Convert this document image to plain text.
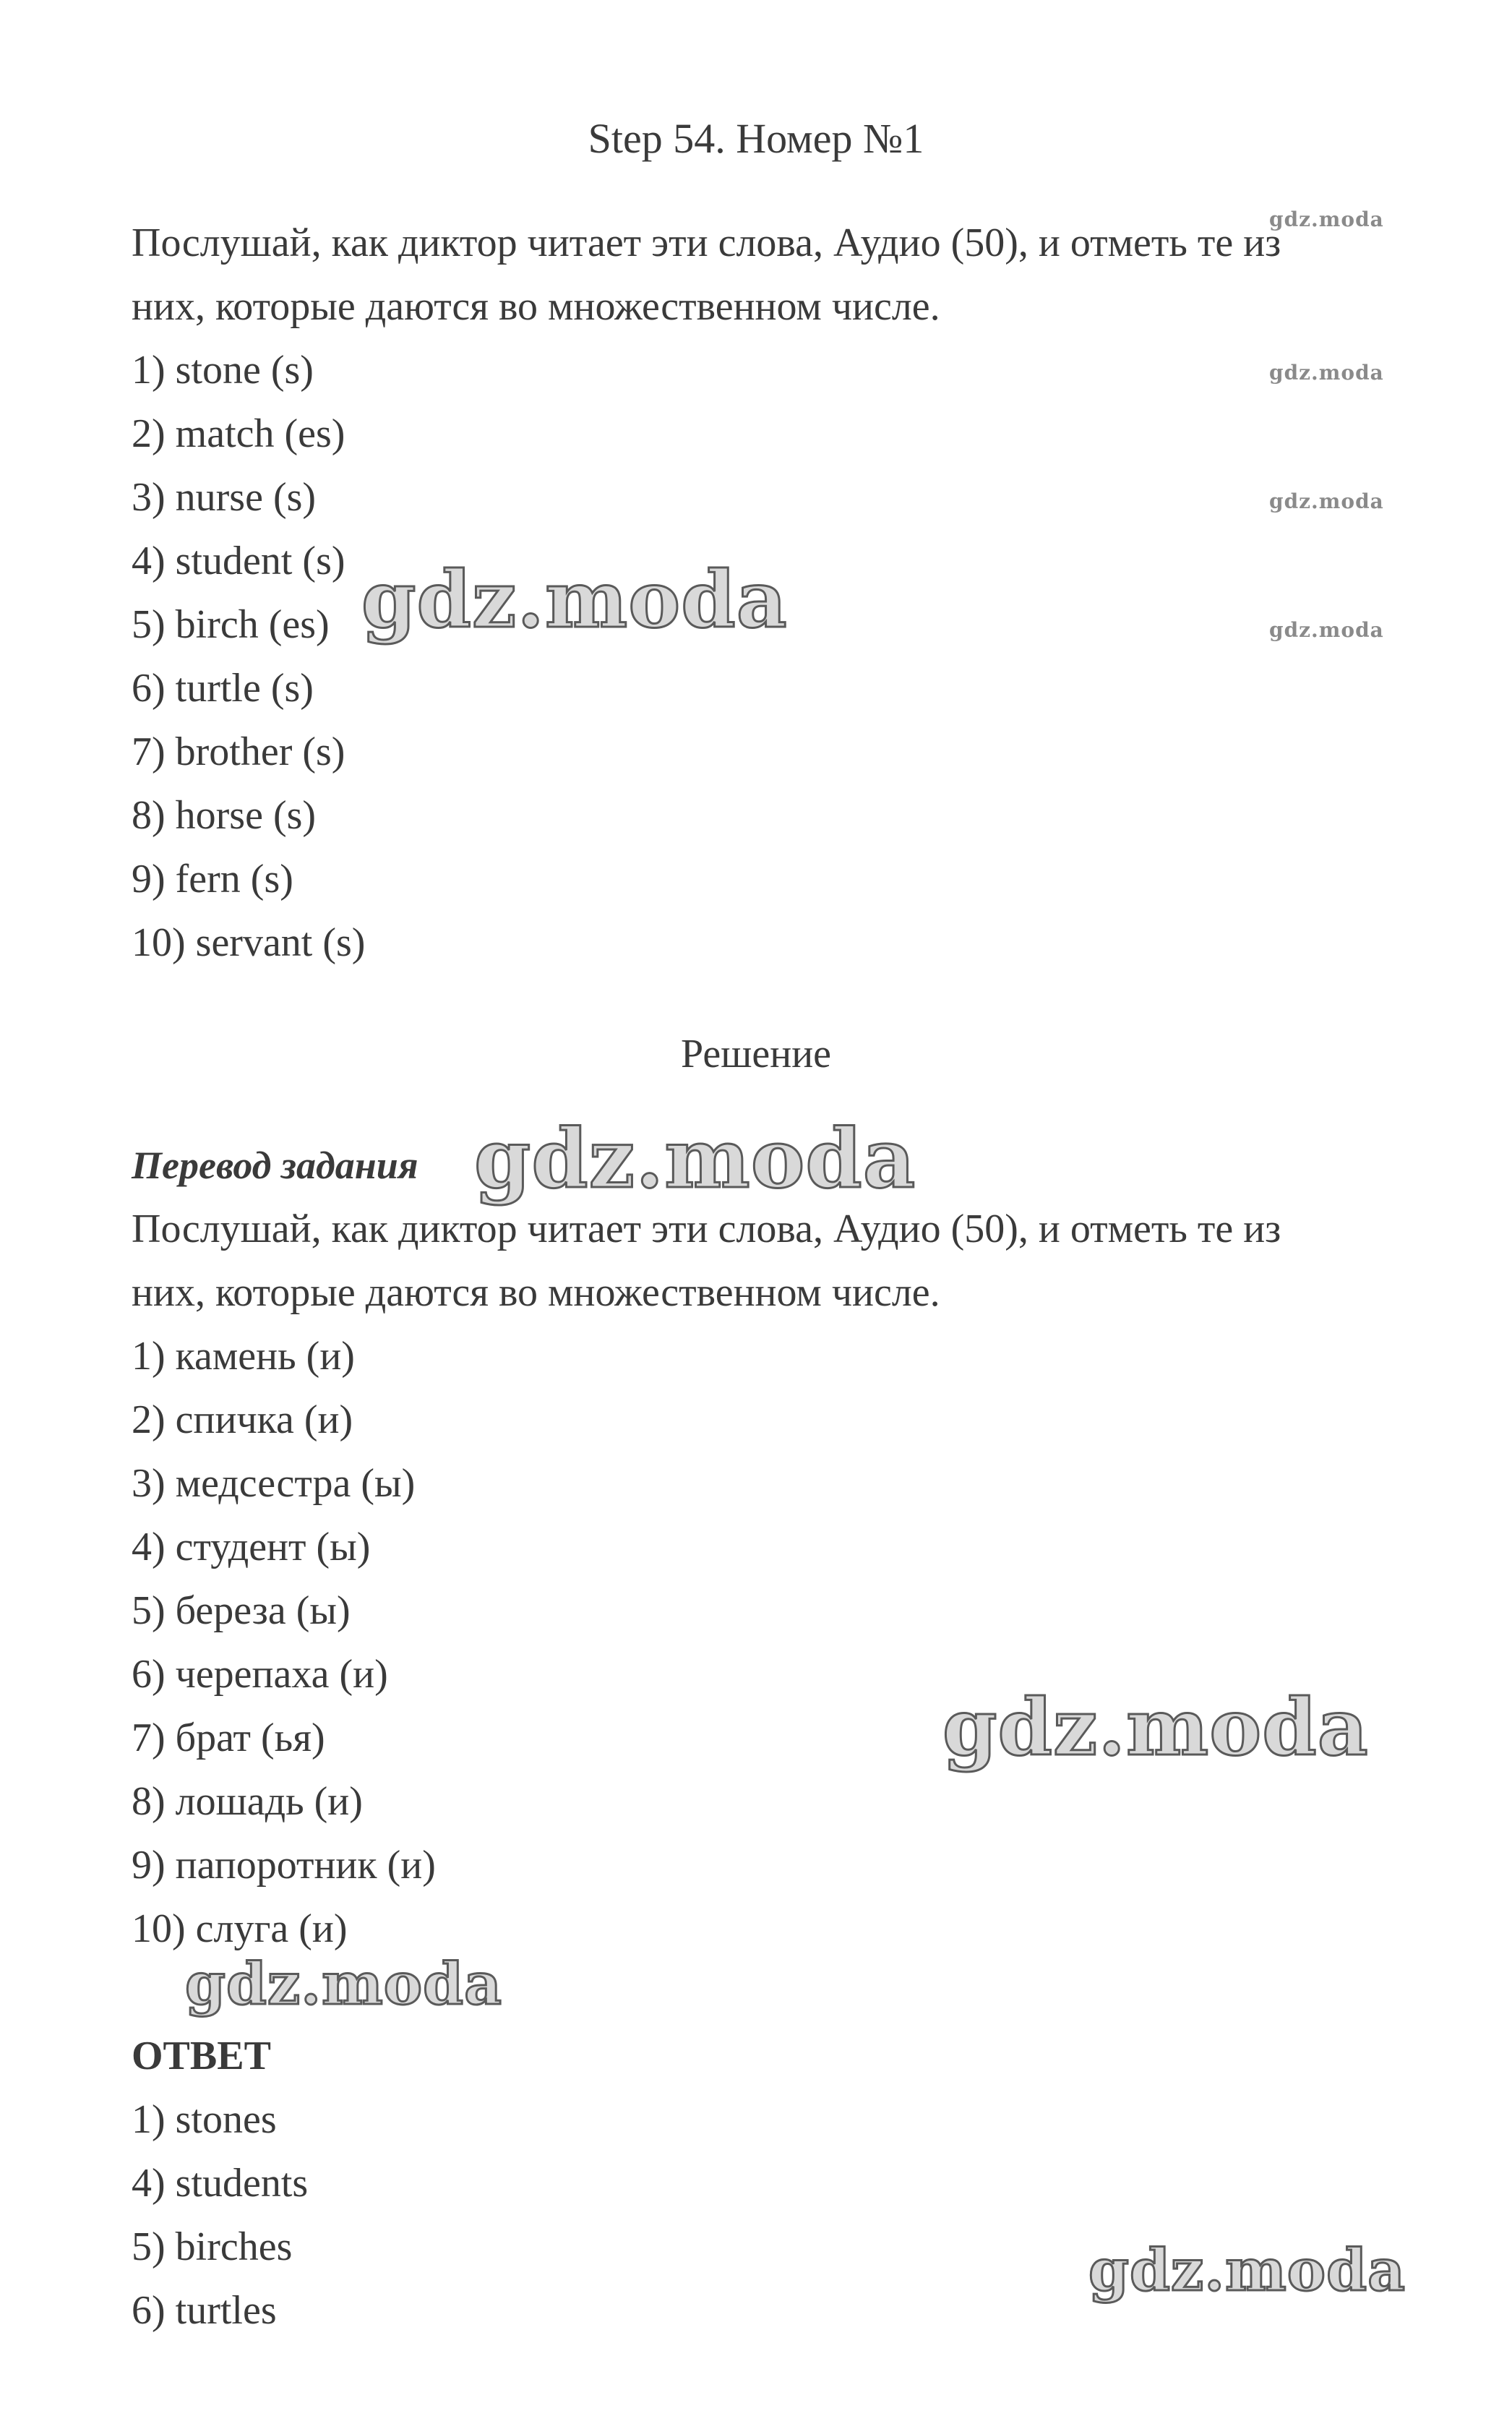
Step 54. Номер №1
Послушай, как диктор читает эти слова, Аудио (50), и отметь те из
них, которые даются во множественном числе.
1) stone (s)
2) match (es)
3) nurse (s)
4) student (s)
5) birch (es)
6) turtle (s)
7) brother (s)
8) horse (s)
9) fern (s)
10) servant (s)
Решение
Перевод задания
Послушай, как диктор читает эти слова, Аудио (50), и отметь те из
них, которые даются во множественном числе.
1) камень (и)
2) спичка (и)
3) медсестра (ы)
4) студент (ы)
5) береза (ы)
6) черепаха (и)
7) брат (ья)
8) лошадь (и)
9) папоротник (и)
10) слуга (и)
ОТВЕТ
1) stones
4) students
5) birches
6) turtles
gdz.moda
gdz.moda
gdz.moda
gdz.moda
gdz.moda
gdz.moda
gdz.moda
gdz.moda
gdz.moda
